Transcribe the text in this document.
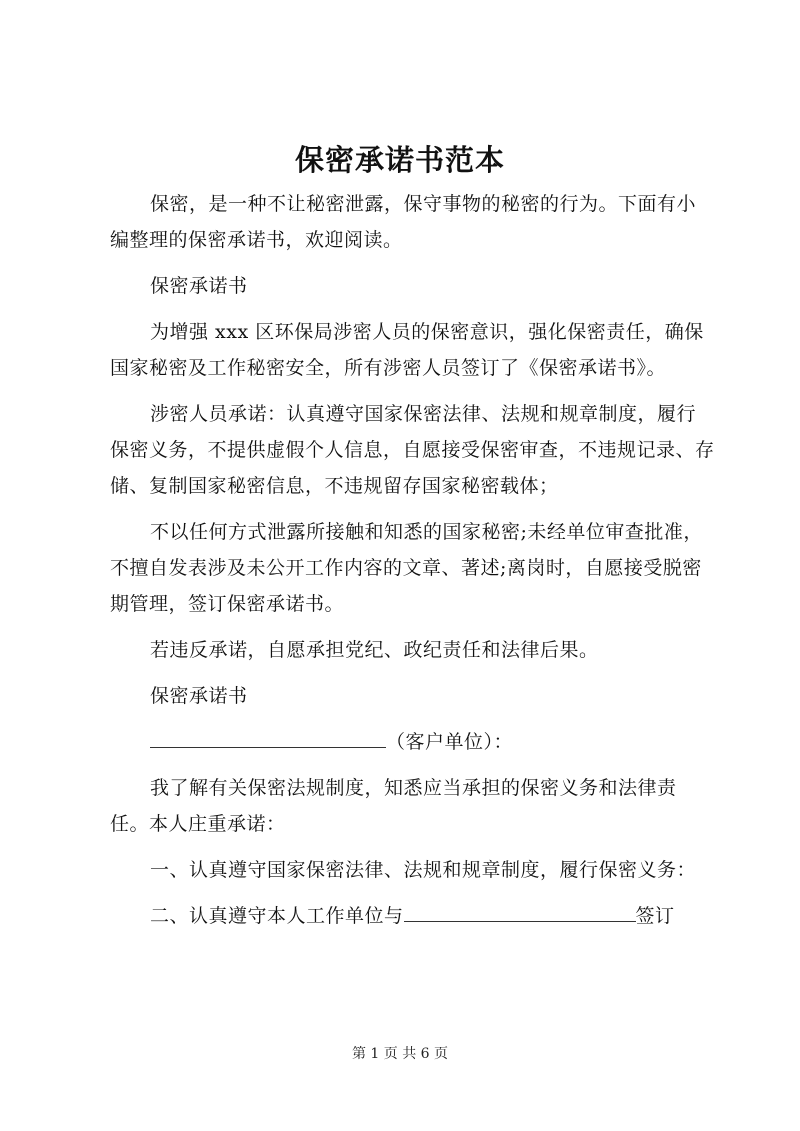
保密承诺书范本

保密，是一种不让秘密泄露，保守事物的秘密的行为。下面有小编整理的保密承诺书，欢迎阅读。

保密承诺书

为增强 xxx 区环保局涉密人员的保密意识，强化保密责任，确保国家秘密及工作秘密安全，所有涉密人员签订了《保密承诺书》。

涉密人员承诺：认真遵守国家保密法律、法规和规章制度，履行保密义务，不提供虚假个人信息，自愿接受保密审查，不违规记录、存储、复制国家秘密信息，不违规留存国家秘密载体；

不以任何方式泄露所接触和知悉的国家秘密;未经单位审查批准，不擅自发表涉及未公开工作内容的文章、著述;离岗时，自愿接受脱密期管理，签订保密承诺书。

若违反承诺，自愿承担党纪、政纪责任和法律后果。

保密承诺书

（客户单位）：

我了解有关保密法规制度，知悉应当承担的保密义务和法律责任。本人庄重承诺：

一、认真遵守国家保密法律、法规和规章制度，履行保密义务：

二、认真遵守本人工作单位与	签订

第 1 页 共 6 页
